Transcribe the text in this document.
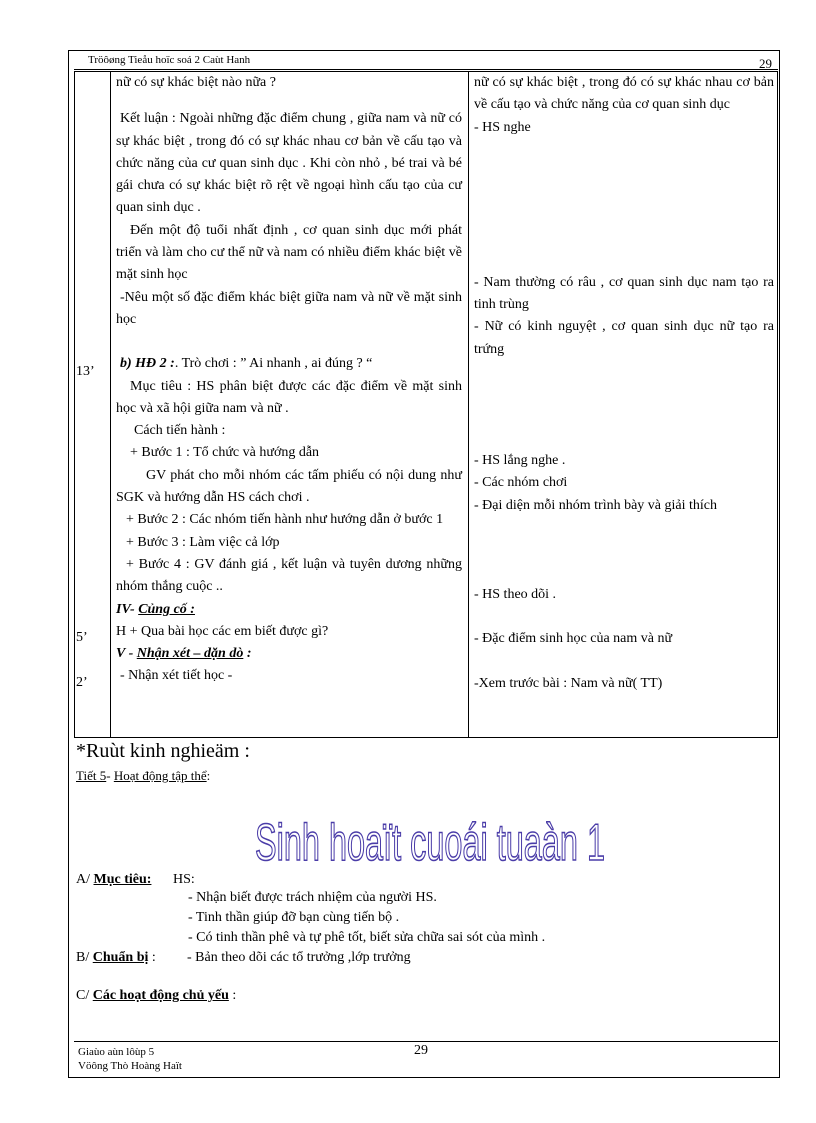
Tröôøng Tieåu hoïc soá 2 Caùt Hanh	29
13’
5’
2’

nữ có sự khác biệt nào nữa ?

Kết luận : Ngoài những đặc điểm chung , giữa nam và nữ có sự khác biệt , trong đó có sự khác nhau cơ bản về cấu tạo và chức năng của cư quan sinh dục . Khi còn nhỏ , bé trai và bé gái chưa có sự khác biệt rõ rệt về ngoại hình cấu tạo của cư quan sinh dục .

Đến một độ tuổi nhất định , cơ quan sinh dục mới phát triển và làm cho cư thể nữ và nam có nhiều điểm khác biệt về mặt sinh học

-Nêu một số đặc điểm khác biệt giữa nam và nữ về mặt sinh học

b) HĐ 2 :. Trò chơi : ” Ai nhanh , ai đúng ? “

Mục tiêu : HS phân biệt được các đặc điểm về mặt sinh học và xã hội giữa nam và nữ .

Cách tiến hành :

+ Bước 1 : Tổ chức và hướng dẫn

GV phát cho mỗi nhóm các tấm phiếu có nội dung như SGK và hướng dẫn HS cách chơi .

+ Bước 2 : Các nhóm tiến hành như hướng dẫn ở bước 1

+ Bước 3 : Làm việc cả lớp

+ Bước 4 : GV đánh giá , kết luận và tuyên dương những nhóm thắng cuộc ..

IV- Củng cố :

H + Qua bài học các em biết được gì?

V - Nhận xét – dặn dò :

- Nhận xét tiết học -

nữ có sự khác biệt , trong đó có sự khác nhau cơ bản về cấu tạo và chức năng của cơ quan sinh dục

- HS nghe

- Nam thường có râu , cơ quan sinh dục nam tạo ra tinh trùng

- Nữ có kinh nguyệt , cơ quan sinh dục nữ tạo ra trứng

- HS lắng nghe .

- Các nhóm chơi

- Đại diện mỗi nhóm trình bày và giải thích

- HS theo dõi .

- Đặc điểm sinh học của nam và nữ

-Xem trước bài : Nam và nữ( TT)

*Ruùt kinh nghieäm :
Tiết 5- Hoạt động tập thể:
Sinh hoaït cuoái tuaàn 1
A/ Mục tiêu: HS:
- Nhận biết được trách nhiệm của người HS.
- Tinh thần giúp đỡ bạn cùng tiến bộ .
- Có tinh thần phê và tự phê tốt, biết sửa chữa sai sót của mình .
B/ Chuẩn bị : - Bản theo dõi các tổ trưởng ,lớp trưởng
C/ Các hoạt động chủ yếu :
Giaùo aùn lôùp 5	29
Vöông Thò Hoàng Haït
